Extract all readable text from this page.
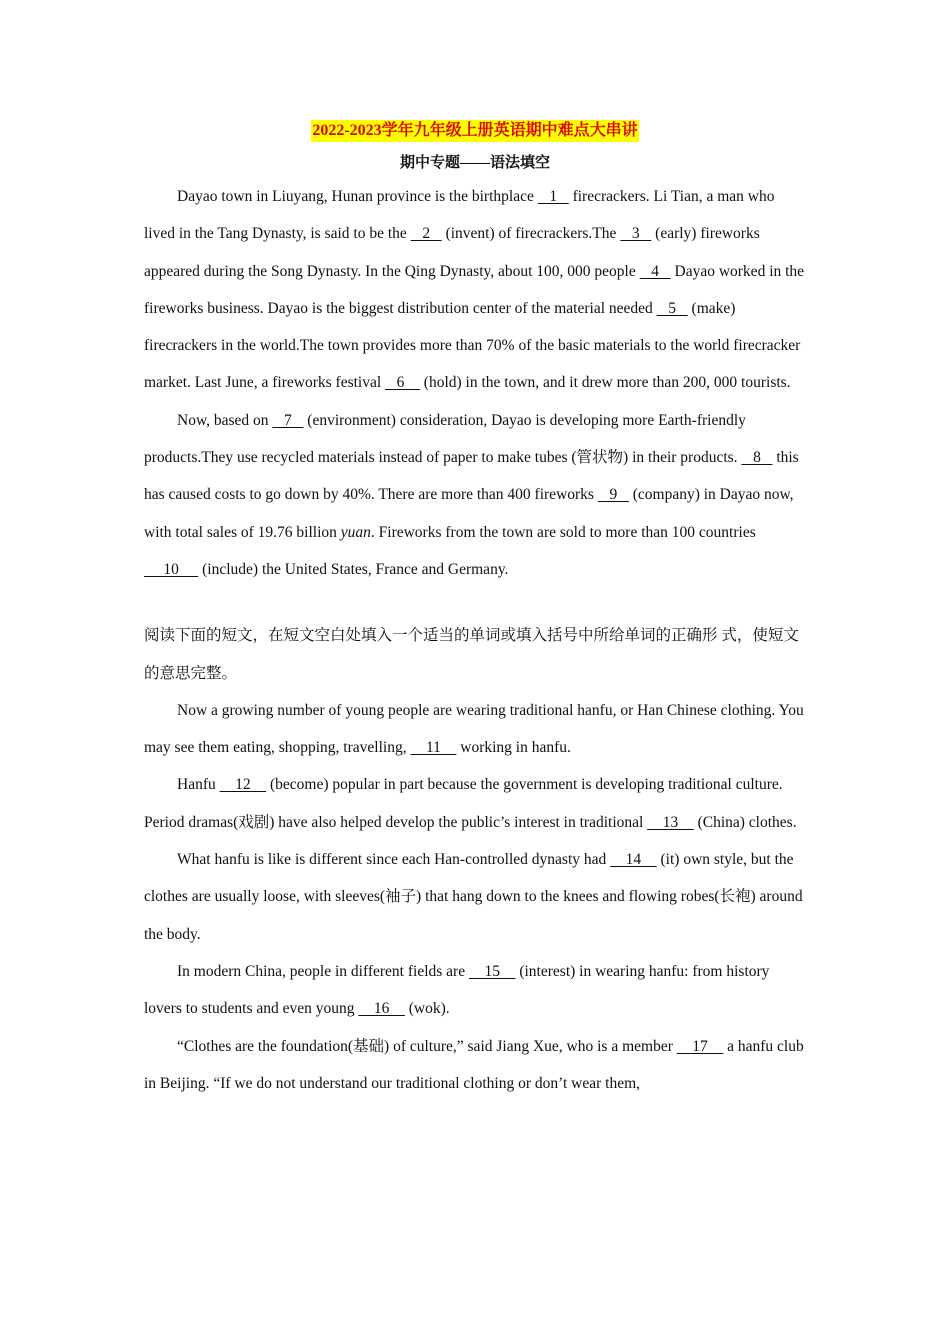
2022-2023学年九年级上册英语期中难点大串讲
期中专题——语法填空

Dayao town in Liuyang, Hunan province is the birthplace    1    firecrackers. Li Tian, a man who lived in the Tang Dynasty, is said to be the    2    (invent) of firecrackers.The    3    (early) fireworks appeared during the Song Dynasty. In the Qing Dynasty, about 100, 000 people    4    Dayao worked in the fireworks business. Dayao is the biggest distribution center of the material needed    5    (make) firecrackers in the world.The town provides more than 70% of the basic materials to the world firecracker market. Last June, a fireworks festival    6     (hold) in the town, and it drew more than 200, 000 tourists.

Now, based on    7    (environment) consideration, Dayao is developing more Earth-friendly products.They use recycled materials instead of paper to make tubes (管状物) in their products.    8    this has caused costs to go down by 40%. There are more than 400 fireworks    9    (company) in Dayao now, with total sales of 19.76 billion yuan. Fireworks from the town are sold to more than 100 countries      10      (include) the United States, France and Germany.

阅读下面的短文，在短文空白处填入一个适当的单词或填入括号中所给单词的正确形 式，使短文的意思完整。

Now a growing number of young people are wearing traditional hanfu, or Han Chinese clothing. You may see them eating, shopping, travelling,     11     working in hanfu.

Hanfu     12     (become) popular in part because the government is developing traditional culture. Period dramas(戏剧) have also helped develop the public’s interest in traditional     13     (China) clothes.

What hanfu is like is different since each Han-controlled dynasty had     14     (it) own style, but the clothes are usually loose, with sleeves(袖子) that hang down to the knees and flowing robes(长袍) around the body.

In modern China, people in different fields are     15     (interest) in wearing hanfu: from history lovers to students and even young     16     (wok).

“Clothes are the foundation(基础) of culture,” said Jiang Xue, who is a member     17     a hanfu club in Beijing. “If we do not understand our traditional clothing or don’t wear them,
